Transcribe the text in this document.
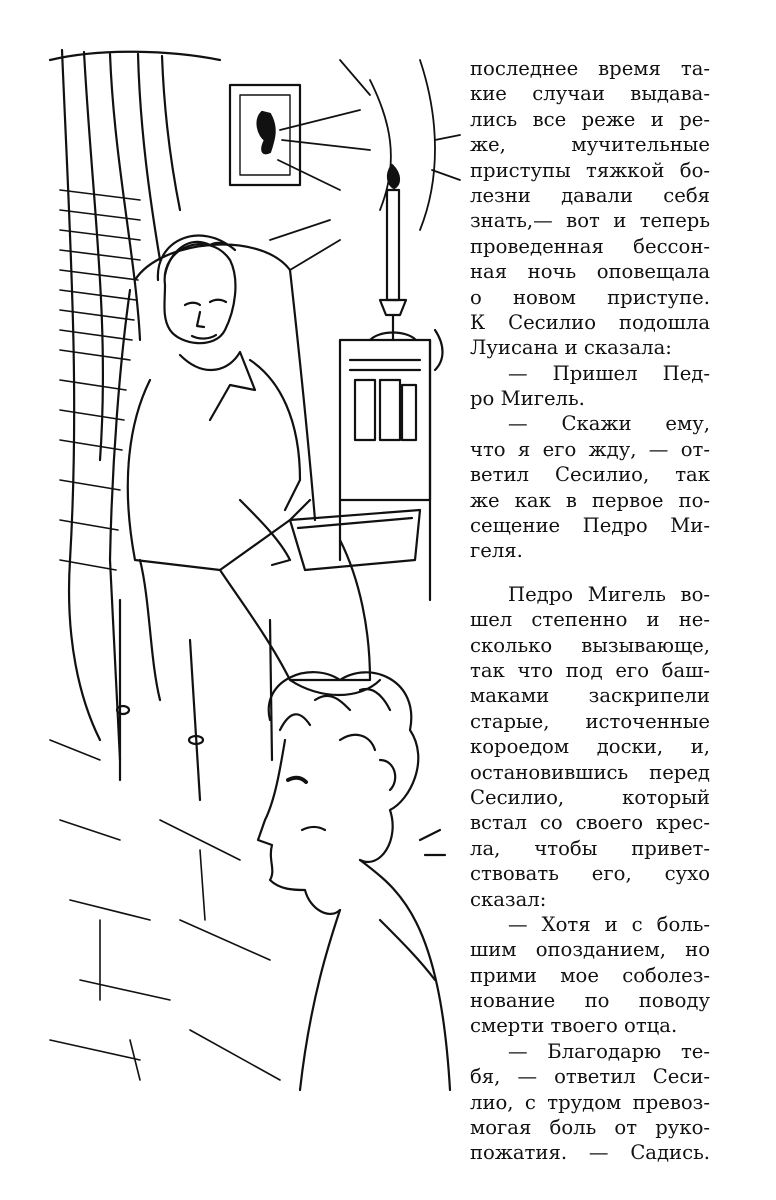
последнее время та-
кие случаи выдава-
лись все реже и ре-
же, мучительные
приступы тяжкой бо-
лезни давали себя
знать,— вот и теперь
проведенная бессон-
ная ночь оповещала
о новом приступе.
К Сесилио подошла
Луисана и сказала:
— Пришел Пед-
ро Мигель.
— Скажи ему,
что я его жду, — от-
ветил Сесилио, так
же как в первое по-
сещение Педро Ми-
геля.
Педро Мигель во-
шел степенно и не-
сколько вызывающе,
так что под его баш-
маками заскрипели
старые, источенные
короедом доски, и,
остановившись перед
Сесилио, который
встал со своего крес-
ла, чтобы привет-
ствовать его, сухо
сказал:
— Хотя и с боль-
шим опозданием, но
прими мое соболез-
нование по поводу
смерти твоего отца.
— Благодарю те-
бя, — ответил Сеси-
лио, с трудом превоз-
могая боль от руко-
пожатия. — Садись.
